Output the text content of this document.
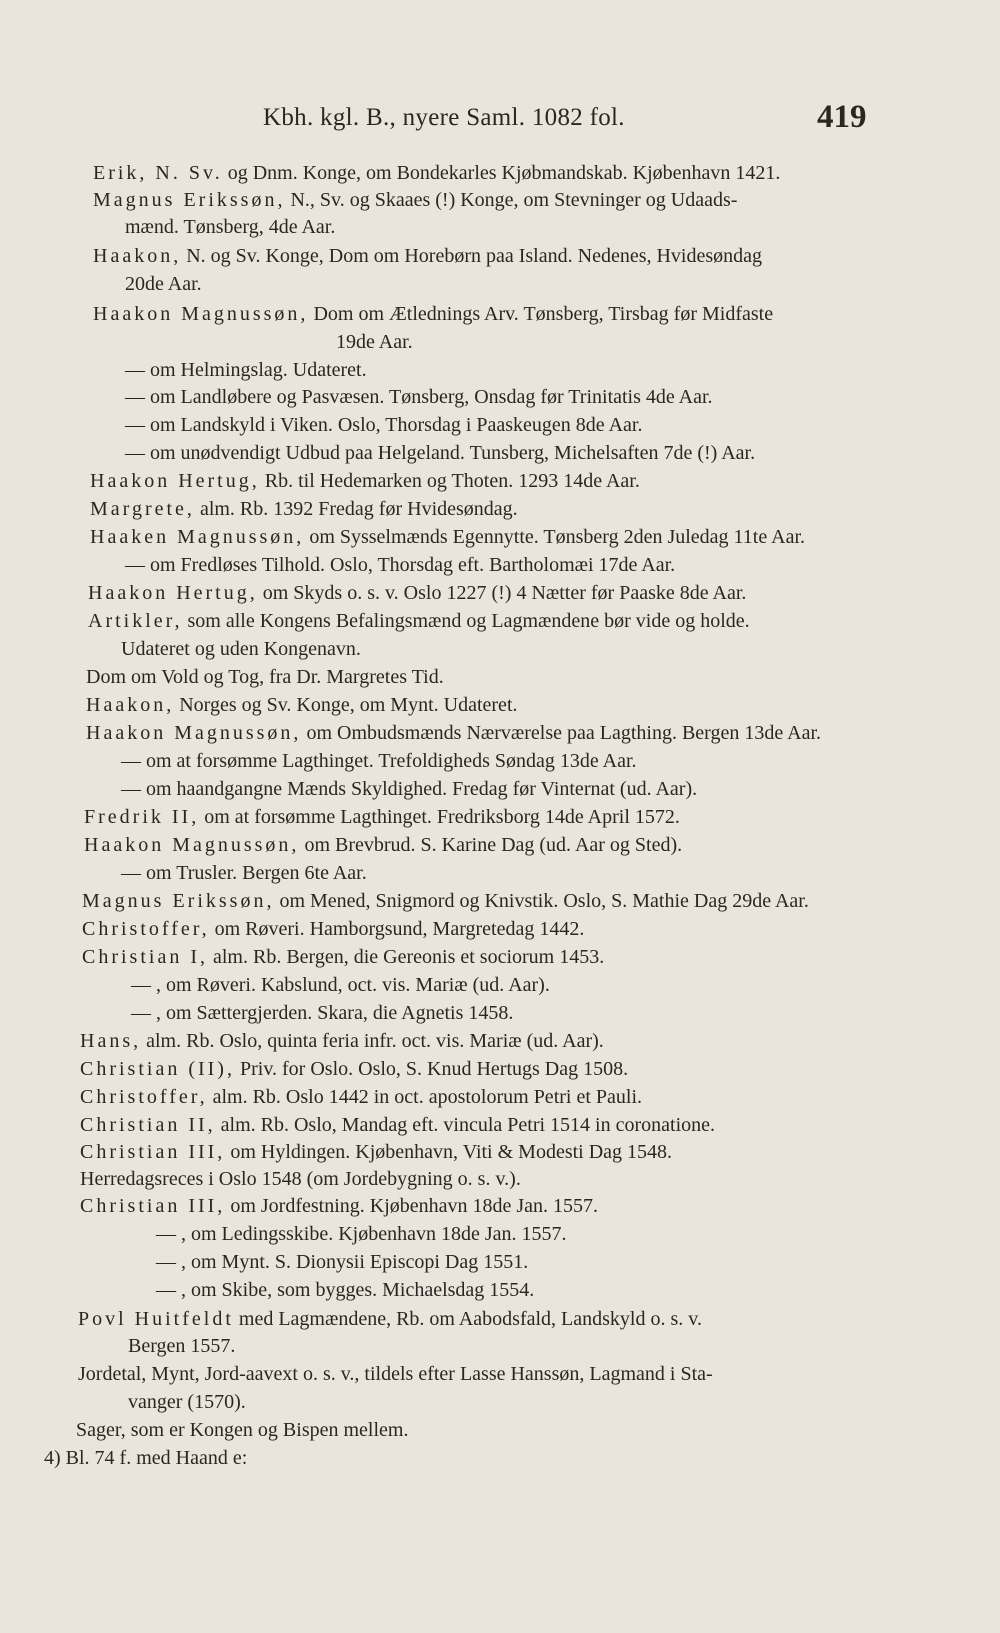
Kbh. kgl. B., nyere Saml. 1082 fol.	419
Erik, N. Sv. og Dnm. Konge, om Bondekarles Kjøbmandskab. Kjøbenhavn 1421.
Magnus Erikssøn, N., Sv. og Skaaes (!) Konge, om Stevninger og Udaads-
mænd. Tønsberg, 4de Aar.
Haakon, N. og Sv. Konge, Dom om Horebørn paa Island. Nedenes, Hvidesøndag
20de Aar.
Haakon Magnussøn, Dom om Ætlednings Arv. Tønsberg, Tirsbag før Midfaste
19de Aar.
— om Helmingslag. Udateret.
— om Landløbere og Pasvæsen. Tønsberg, Onsdag før Trinitatis 4de Aar.
— om Landskyld i Viken. Oslo, Thorsdag i Paaskeugen 8de Aar.
— om unødvendigt Udbud paa Helgeland. Tunsberg, Michelsaften 7de (!) Aar.
Haakon Hertug, Rb. til Hedemarken og Thoten. 1293 14de Aar.
Margrete, alm. Rb. 1392 Fredag før Hvidesøndag.
Haaken Magnussøn, om Sysselmænds Egennytte. Tønsberg 2den Juledag 11te Aar.
— om Fredløses Tilhold. Oslo, Thorsdag eft. Bartholomæi 17de Aar.
Haakon Hertug, om Skyds o. s. v. Oslo 1227 (!) 4 Nætter før Paaske 8de Aar.
Artikler, som alle Kongens Befalingsmænd og Lagmændene bør vide og holde.
Udateret og uden Kongenavn.
Dom om Vold og Tog, fra Dr. Margretes Tid.
Haakon, Norges og Sv. Konge, om Mynt. Udateret.
Haakon Magnussøn, om Ombudsmænds Nærværelse paa Lagthing. Bergen 13de Aar.
— om at forsømme Lagthinget. Trefoldigheds Søndag 13de Aar.
— om haandgangne Mænds Skyldighed. Fredag før Vinternat (ud. Aar).
Fredrik II, om at forsømme Lagthinget. Fredriksborg 14de April 1572.
Haakon Magnussøn, om Brevbrud. S. Karine Dag (ud. Aar og Sted).
— om Trusler. Bergen 6te Aar.
Magnus Erikssøn, om Mened, Snigmord og Knivstik. Oslo, S. Mathie Dag 29de Aar.
Christoffer, om Røveri. Hamborgsund, Margretedag 1442.
Christian I, alm. Rb. Bergen, die Gereonis et sociorum 1453.
— , om Røveri. Kabslund, oct. vis. Mariæ (ud. Aar).
— , om Sættergjerden. Skara, die Agnetis 1458.
Hans, alm. Rb. Oslo, quinta feria infr. oct. vis. Mariæ (ud. Aar).
Christian (II), Priv. for Oslo. Oslo, S. Knud Hertugs Dag 1508.
Christoffer, alm. Rb. Oslo 1442 in oct. apostolorum Petri et Pauli.
Christian II, alm. Rb. Oslo, Mandag eft. vincula Petri 1514 in coronatione.
Christian III, om Hyldingen. Kjøbenhavn, Viti & Modesti Dag 1548.
Herredagsreces i Oslo 1548 (om Jordebygning o. s. v.).
Christian III, om Jordfestning. Kjøbenhavn 18de Jan. 1557.
— , om Ledingsskibe. Kjøbenhavn 18de Jan. 1557.
— , om Mynt. S. Dionysii Episcopi Dag 1551.
— , om Skibe, som bygges. Michaelsdag 1554.
Povl Huitfeldt med Lagmændene, Rb. om Aabodsfald, Landskyld o. s. v.
Bergen 1557.
Jordetal, Mynt, Jord-aavext o. s. v., tildels efter Lasse Hanssøn, Lagmand i Sta-
vanger (1570).
Sager, som er Kongen og Bispen mellem.
4) Bl. 74 f. med Haand e:
